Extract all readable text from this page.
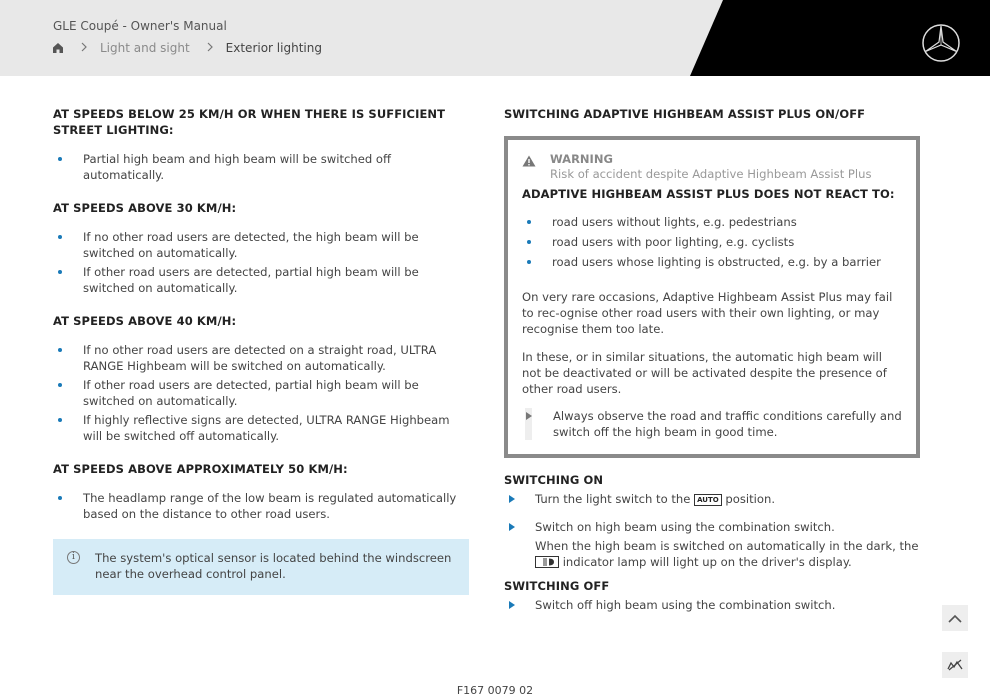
GLE Coupé - Owner's Manual
Light and sight	Exterior lighting
AT SPEEDS BELOW 25 KM/H OR WHEN THERE IS SUFFICIENT STREET LIGHTING:
Partial high beam and high beam will be switched off automatically.
AT SPEEDS ABOVE 30 KM/H:
If no other road users are detected, the high beam will be switched on automatically.
If other road users are detected, partial high beam will be switched on automatically.
AT SPEEDS ABOVE 40 KM/H:
If no other road users are detected on a straight road, ULTRA RANGE Highbeam will be switched on automatically.
If other road users are detected, partial high beam will be switched on automatically.
If highly reflective signs are detected, ULTRA RANGE Highbeam will be switched off automatically.
AT SPEEDS ABOVE APPROXIMATELY 50 KM/H:
The headlamp range of the low beam is regulated automatically based on the distance to other road users.
i	The system's optical sensor is located behind the windscreen near the overhead control panel.
SWITCHING ADAPTIVE HIGHBEAM ASSIST PLUS ON/OFF
WARNING
Risk of accident despite Adaptive Highbeam Assist Plus
ADAPTIVE HIGHBEAM ASSIST PLUS DOES NOT REACT TO:
road users without lights, e.g. pedestrians
road users with poor lighting, e.g. cyclists
road users whose lighting is obstructed, e.g. by a barrier

On very rare occasions, Adaptive Highbeam Assist Plus may fail to rec-ognise other road users with their own lighting, or may recognise them too late.

In these, or in similar situations, the automatic high beam will not be deactivated or will be activated despite the presence of other road users.

Always observe the road and traffic conditions carefully and switch off the high beam in good time.
SWITCHING ON
Turn the light switch to the AUTO position.
Switch on high beam using the combination switch.
When the high beam is switched on automatically in the dark, the
indicator lamp will light up on the driver's display.
SWITCHING OFF
Switch off high beam using the combination switch.
F167 0079 02
